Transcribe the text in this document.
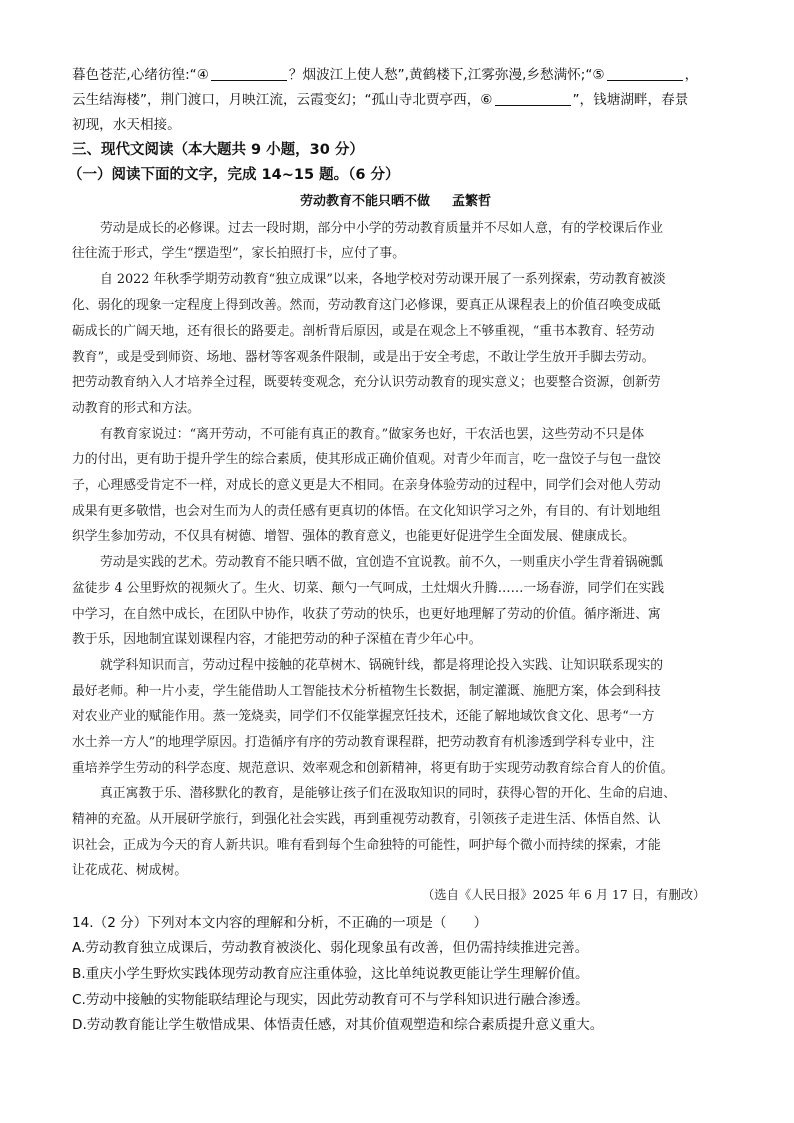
暮色苍茫,心绪彷徨:“④	？烟波江上使人愁”,黄鹤楼下,江雾弥漫,乡愁满怀;“⑤	，
云生结海楼”，荆门渡口，月映江流，云霞变幻；“孤山寺北贾亭西，⑥	”，钱塘湖畔，春景
初现，水天相接。
三、现代文阅读（本大题共 9 小题，30 分）
（一）阅读下面的文字，完成 14~15 题。（6 分）
劳动教育不能只晒不做 孟繁哲
劳动是成长的必修课。过去一段时期，部分中小学的劳动教育质量并不尽如人意，有的学校课后作业
往往流于形式，学生“摆造型”，家长拍照打卡，应付了事。
自 2022 年秋季学期劳动教育“独立成课”以来，各地学校对劳动课开展了一系列探索，劳动教育被淡
化、弱化的现象一定程度上得到改善。然而，劳动教育这门必修课，要真正从课程表上的价值召唤变成砥
砺成长的广阔天地，还有很长的路要走。剖析背后原因，或是在观念上不够重视，“重书本教育、轻劳动
教育”，或是受到师资、场地、器材等客观条件限制，或是出于安全考虑，不敢让学生放开手脚去劳动。
把劳动教育纳入人才培养全过程，既要转变观念，充分认识劳动教育的现实意义；也要整合资源，创新劳
动教育的形式和方法。
有教育家说过：“离开劳动，不可能有真正的教育。”做家务也好，干农活也罢，这些劳动不只是体
力的付出，更有助于提升学生的综合素质，使其形成正确价值观。对青少年而言，吃一盘饺子与包一盘饺
子，心理感受肯定不一样，对成长的意义更是大不相同。在亲身体验劳动的过程中，同学们会对他人劳动
成果有更多敬惜，也会对生而为人的责任感有更真切的体悟。在文化知识学习之外，有目的、有计划地组
织学生参加劳动，不仅具有树德、增智、强体的教育意义，也能更好促进学生全面发展、健康成长。
劳动是实践的艺术。劳动教育不能只晒不做，宜创造不宜说教。前不久，一则重庆小学生背着锅碗瓢
盆徒步 4 公里野炊的视频火了。生火、切菜、颠勺一气呵成，土灶烟火升腾……一场春游，同学们在实践
中学习，在自然中成长，在团队中协作，收获了劳动的快乐，也更好地理解了劳动的价值。循序渐进、寓
教于乐，因地制宜谋划课程内容，才能把劳动的种子深植在青少年心中。
就学科知识而言，劳动过程中接触的花草树木、锅碗针线，都是将理论投入实践、让知识联系现实的
最好老师。种一片小麦，学生能借助人工智能技术分析植物生长数据，制定灌溉、施肥方案，体会到科技
对农业产业的赋能作用。蒸一笼烧卖，同学们不仅能掌握烹饪技术，还能了解地域饮食文化、思考“一方
水土养一方人”的地理学原因。打造循序有序的劳动教育课程群，把劳动教育有机渗透到学科专业中，注
重培养学生劳动的科学态度、规范意识、效率观念和创新精神，将更有助于实现劳动教育综合育人的价值。
真正寓教于乐、潜移默化的教育，是能够让孩子们在汲取知识的同时，获得心智的开化、生命的启迪、
精神的充盈。从开展研学旅行，到强化社会实践，再到重视劳动教育，引领孩子走进生活、体悟自然、认
识社会，正成为今天的育人新共识。唯有看到每个生命独特的可能性，呵护每个微小而持续的探索，才能
让花成花、树成树。
（选自《人民日报》2025 年 6 月 17 日，有删改）
14.（2 分）下列对本文内容的理解和分析，不正确的一项是（　　）
A.劳动教育独立成课后，劳动教育被淡化、弱化现象虽有改善，但仍需持续推进完善。
B.重庆小学生野炊实践体现劳动教育应注重体验，这比单纯说教更能让学生理解价值。
C.劳动中接触的实物能联结理论与现实，因此劳动教育可不与学科知识进行融合渗透。
D.劳动教育能让学生敬惜成果、体悟责任感，对其价值观塑造和综合素质提升意义重大。
